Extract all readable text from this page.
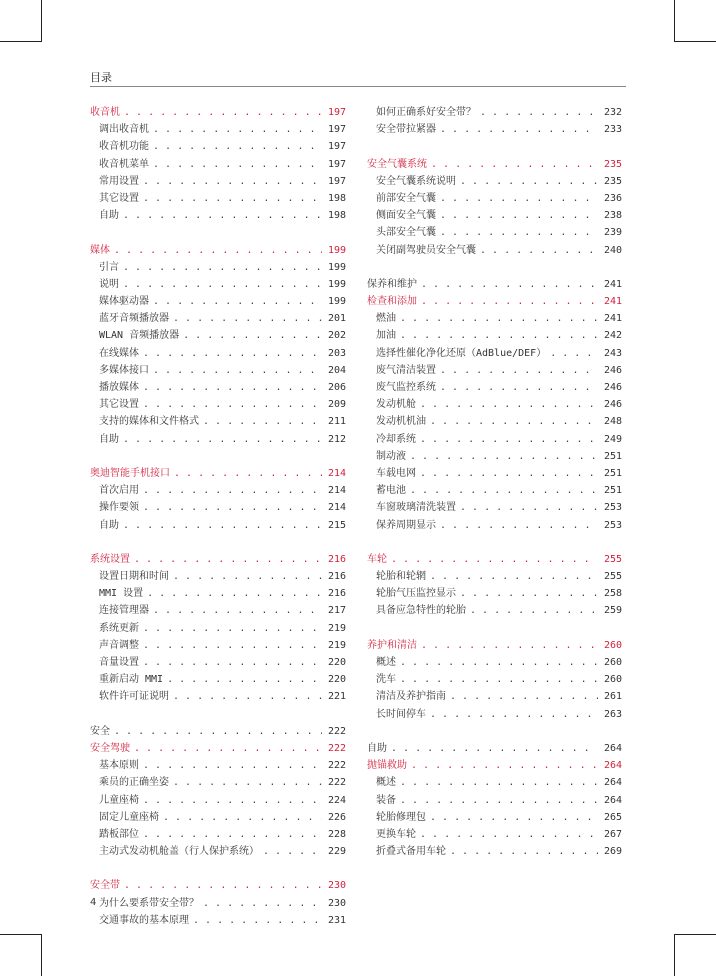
目录
收音机 . . .	197
调出收音机 . . .	197
收音机功能 . . .	197
收音机菜单 . . .	197
常用设置 . . .	197
其它设置 . . .	198
自助 . . .	198
媒体 . . .	199
引言 . . .	199
说明 . . .	199
媒体驱动器 . . .	199
蓝牙音频播放器 . . .	201
WLAN 音频播放器 . . .	202
在线媒体 . . .	203
多媒体接口 . . .	204
播放媒体 . . .	206
其它设置 . . .	209
支持的媒体和文件格式 . . .	211
自助 . . .	212
奥迪智能手机接口 . . .	214
首次启用 . . .	214
操作要领 . . .	214
自助 . . .	215
系统设置 . . .	216
设置日期和时间 . . .	216
MMI 设置 . . .	216
连接管理器 . . .	217
系统更新 . . .	219
声音调整 . . .	219
音量设置 . . .	220
重新启动 MMI . . .	220
软件许可证说明 . . .	221
安全 . . .	222
安全驾驶 . . .	222
基本原则 . . .	222
乘员的正确坐姿 . . .	222
儿童座椅 . . .	224
固定儿童座椅 . . .	226
踏板部位 . . .	228
主动式发动机舱盖（行人保护系统） . . .	229
安全带 . . .	230
为什么要系带安全带？ . . .	230
交通事故的基本原理 . . .	231
如何正确系好安全带？ . . .	232
安全带拉紧器 . . .	233
安全气囊系统 . . .	235
安全气囊系统说明 . . .	235
前部安全气囊 . . .	236
侧面安全气囊 . . .	238
头部安全气囊 . . .	239
关闭副驾驶员安全气囊 . . .	240
保养和维护 . . .	241
检查和添加 . . .	241
燃油 . . .	241
加油 . . .	242
选择性催化净化还原（AdBlue/DEF） . . .	243
废气清洁装置 . . .	246
废气监控系统 . . .	246
发动机舱 . . .	246
发动机机油 . . .	248
冷却系统 . . .	249
制动液 . . .	251
车载电网 . . .	251
蓄电池 . . .	251
车窗玻璃清洗装置 . . .	253
保养周期显示 . . .	253
车轮 . . .	255
轮胎和轮辋 . . .	255
轮胎气压监控显示 . . .	258
具备应急特性的轮胎 . . .	259
养护和清洁 . . .	260
概述 . . .	260
洗车 . . .	260
清洁及养护指南 . . .	261
长时间停车 . . .	263
自助 . . .	264
抛锚救助 . . .	264
概述 . . .	264
装备 . . .	264
轮胎修理包 . . .	265
更换车轮 . . .	267
折叠式备用车轮 . . .	269
4
